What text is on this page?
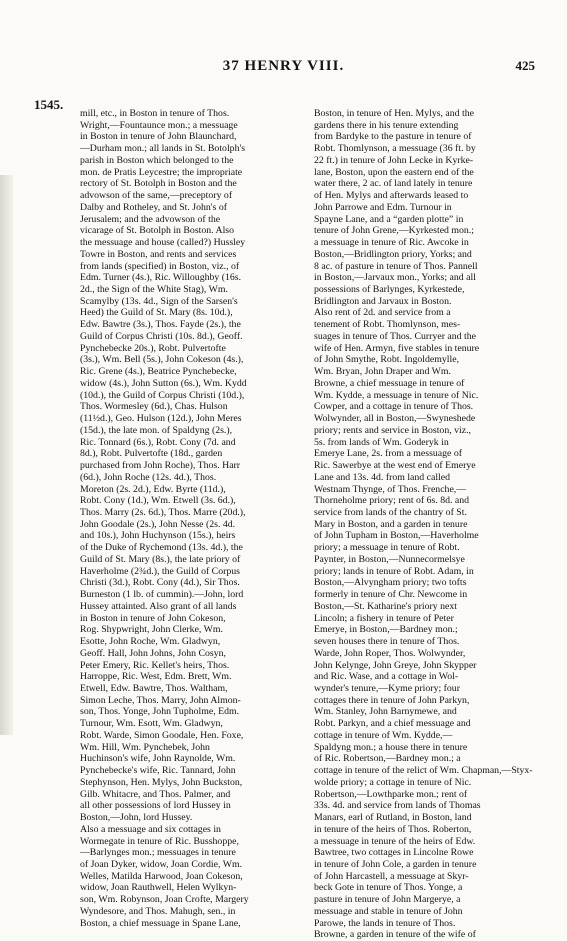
37 HENRY VIII.	425
1545.
mill, etc., in Boston in tenure of Thos.
Wright,—Fountaunce mon.; a messuage
in Boston in tenure of John Blaunchard,
—Durham mon.; all lands in St. Botolph's
parish in Boston which belonged to the
mon. de Pratis Leycestre; the impropriate
rectory of St. Botolph in Boston and the
advowson of the same,—preceptory of
Dalby and Rotheley, and St. John's of
Jerusalem; and the advowson of the
vicarage of St. Botolph in Boston. Also
the messuage and house (called?) Hussley
Towre in Boston, and rents and services
from lands (specified) in Boston, viz., of
Edm. Turner (4s.), Ric. Willoughby (16s.
2d., the Sign of the White Stag), Wm.
Scamylby (13s. 4d., Sign of the Sarsen's
Heed) the Guild of St. Mary (8s. 10d.),
Edw. Bawtre (3s.), Thos. Fayde (2s.), the
Guild of Corpus Christi (10s. 8d.), Geoff.
Pynchebecke 20s.), Robt. Pulvertofte
(3s.), Wm. Bell (5s.), John Cokeson (4s.),
Ric. Grene (4s.), Beatrice Pynchebecke,
widow (4s.), John Sutton (6s.), Wm. Kydd
(10d.), the Guild of Corpus Christi (10d.),
Thos. Wormesley (6d.), Chas. Hulson
(11½d.), Geo. Hulson (12d.), John Meres
(15d.), the late mon. of Spaldyng (2s.),
Ric. Tonnard (6s.), Robt. Cony (7d. and
8d.), Robt. Pulvertofte (18d., garden
purchased from John Roche), Thos. Harr
(6d.), John Roche (12s. 4d.), Thos.
Moreton (2s. 2d.), Edw. Byrte (11d.),
Robt. Cony (1d.), Wm. Etwell (3s. 6d.),
Thos. Marry (2s. 6d.), Thos. Marre (20d.),
John Goodale (2s.), John Nesse (2s. 4d.
and 10s.), John Huchynson (15s.), heirs
of the Duke of Rychemond (13s. 4d.), the
Guild of St. Mary (8s.), the late priory of
Haverholme (2¾d.), the Guild of Corpus
Christi (3d.), Robt. Cony (4d.), Sir Thos.
Burneston (1 lb. of cummin).—John, lord
Hussey attainted. Also grant of all lands
in Boston in tenure of John Cokeson,
Rog. Shypwright, John Clerke, Wm.
Esotte, John Roche, Wm. Gladwyn,
Geoff. Hall, John Johns, John Cosyn,
Peter Emery, Ric. Kellet's heirs, Thos.
Harroppe, Ric. West, Edm. Brett, Wm.
Etwell, Edw. Bawtre, Thos. Waltham,
Simon Leche, Thos. Marry, John Almon-
son, Thos. Yonge, John Tupholme, Edm.
Turnour, Wm. Esott, Wm. Gladwyn,
Robt. Warde, Simon Goodale, Hen. Foxe,
Wm. Hill, Wm. Pynchebek, John
Huchinson's wife, John Raynolde, Wm.
Pynchebecke's wife, Ric. Tannard, John
Stephynson, Hen. Mylys, John Buckston,
Gilb. Whitacre, and Thos. Palmer, and
all other possessions of lord Hussey in
Boston,—John, lord Hussey.
Also a messuage and six cottages in
Wormegate in tenure of Ric. Busshoppe,
—Barlynges mon.; messuages in tenure
of Joan Dyker, widow, Joan Cordie, Wm.
Welles, Matilda Harwood, Joan Cokeson,
widow, Joan Rauthwell, Helen Wylkyn-
son, Wm. Robynson, Joan Crofte, Margery
Wyndesore, and Thos. Mahugh, sen., in
Boston, a chief messuage in Spane Lane,
Boston, in tenure of Hen. Mylys, and the
gardens there in his tenure extending
from Bardyke to the pasture in tenure of
Robt. Thomlynson, a messuage (36 ft. by
22 ft.) in tenure of John Lecke in Kyrke-
lane, Boston, upon the eastern end of the
water there, 2 ac. of land lately in tenure
of Hen. Mylys and afterwards leased to
John Parrowe and Edm. Turnour in
Spayne Lane, and a “garden plotte” in
tenure of John Grene,—Kyrkested mon.;
a messuage in tenure of Ric. Awcoke in
Boston,—Bridlington priory, Yorks; and
8 ac. of pasture in tenure of Thos. Pannell
in Boston,—Jarvaux mon., Yorks; and all
possessions of Barlynges, Kyrkestede,
Bridlington and Jarvaux in Boston.
Also rent of 2d. and service from a
tenement of Robt. Thomlynson, mes-
suages in tenure of Thos. Curryer and the
wife of Hen. Armyn, five stables in tenure
of John Smythe, Robt. Ingoldemylle,
Wm. Bryan, John Draper and Wm.
Browne, a chief messuage in tenure of
Wm. Kydde, a messuage in tenure of Nic.
Cowper, and a cottage in tenure of Thos.
Wolwynder, all in Boston,—Swyneshede
priory; rents and service in Boston, viz.,
5s. from lands of Wm. Goderyk in
Emerye Lane, 2s. from a messuage of
Ric. Sawerbye at the west end of Emerye
Lane and 13s. 4d. from land called
Westnam Thynge, of Thos. Frenche,—
Thorneholme priory; rent of 6s. 8d. and
service from lands of the chantry of St.
Mary in Boston, and a garden in tenure
of John Tupham in Boston,—Haverholme
priory; a messuage in tenure of Robt.
Paynter, in Boston,—Nunnecormelsye
priory; lands in tenure of Robt. Adam, in
Boston,—Alvyngham priory; two tofts
formerly in tenure of Chr. Newcome in
Boston,—St. Katharine's priory next
Lincoln; a fishery in tenure of Peter
Emerye, in Boston,—Bardney mon.;
seven houses there in tenure of Thos.
Warde, John Roper, Thos. Wolwynder,
John Kelynge, John Greye, John Skypper
and Ric. Wase, and a cottage in Wol-
wynder's tenure,—Kyme priory; four
cottages there in tenure of John Parkyn,
Wm. Stanley, John Barnymewe, and
Robt. Parkyn, and a chief messuage and
cottage in tenure of Wm. Kydde,—
Spaldyng mon.; a house there in tenure
of Ric. Robertson,—Bardney mon.; a
cottage in tenure of the relict of Wm. Chapman,—Styx-
wolde priory; a cottage in tenure of Nic.
Robertson,—Lowthparke mon.; rent of
33s. 4d. and service from lands of Thomas
Manars, earl of Rutland, in Boston, land
in tenure of the heirs of Thos. Roberton,
a messuage in tenure of the heirs of Edw.
Bawtree, two cottages in Lincolne Rowe
in tenure of John Cole, a garden in tenure
of John Harcastell, a messuage at Skyr-
beck Gote in tenure of Thos. Yonge, a
pasture in tenure of John Margerye, a
messuage and stable in tenure of John
Parowe, the lands in tenure of Thos.
Browne, a garden in tenure of the wife of
